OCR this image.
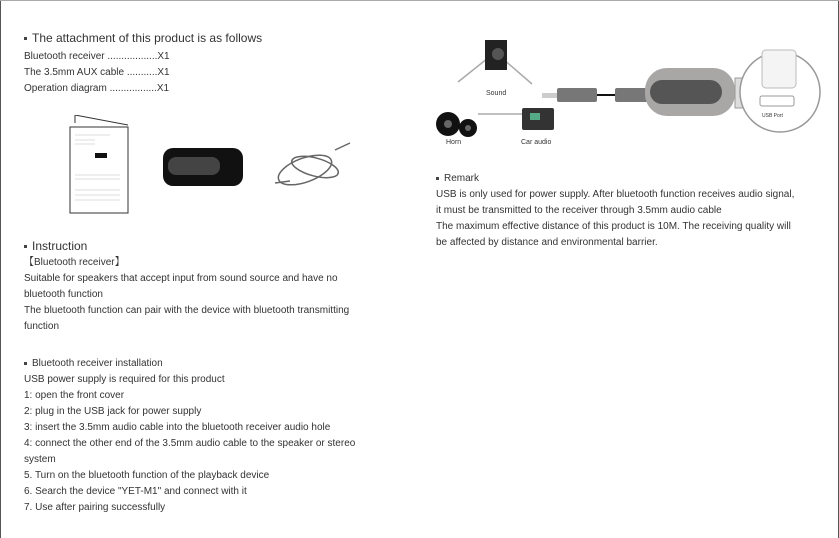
The attachment of this product is as follows
Bluetooth receiver ..................X1
The 3.5mm AUX cable ...........X1
Operation diagram .................X1
Instruction
【Bluetooth receiver】
Suitable for speakers that accept input from sound source and have no
bluetooth function
The bluetooth function can pair with the device with bluetooth transmitting
function
Bluetooth receiver installation
USB power supply is required for this product
1: open the front cover
2: plug in the USB jack for power supply
3: insert the 3.5mm audio cable into the bluetooth receiver audio hole
4: connect the other end of the 3.5mm audio cable to the speaker or stereo
system
5. Turn on the bluetooth function of the playback device
6. Search the device "YET-M1" and connect with it
7. Use after pairing successfully
Sound
Horn	Car audio
USB Port
Remark
USB is only used for power supply. After bluetooth function receives audio signal,
it must be transmitted to the receiver through 3.5mm audio cable
The maximum effective distance of this product is 10M. The receiving quality will
be affected by distance and environmental barrier.
